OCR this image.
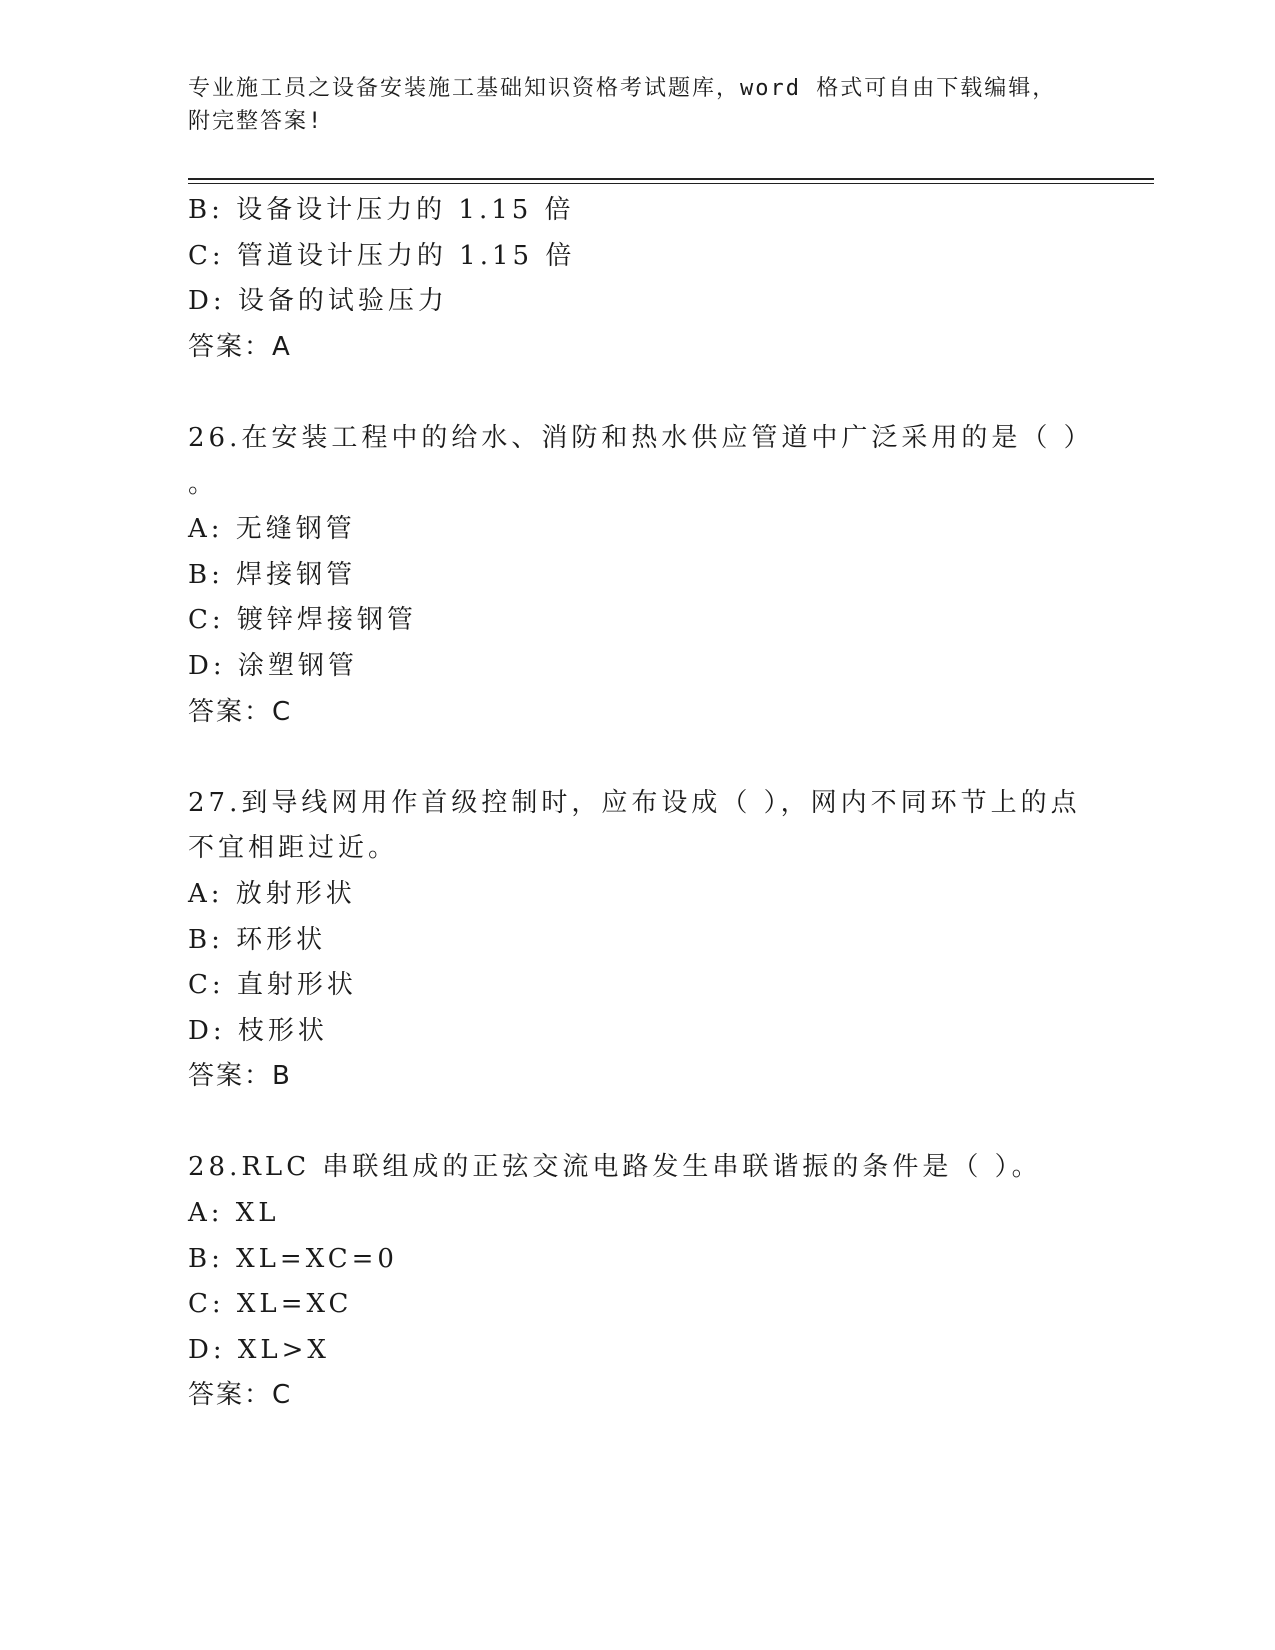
专业施工员之设备安装施工基础知识资格考试题库，word 格式可自由下载编辑，
附完整答案!
B: 设备设计压力的 1.15 倍
C: 管道设计压力的 1.15 倍
D: 设备的试验压力
答案：A
26.在安装工程中的给水、消防和热水供应管道中广泛采用的是（ ）
。
A: 无缝钢管
B: 焊接钢管
C: 镀锌焊接钢管
D: 涂塑钢管
答案：C
27.到导线网用作首级控制时，应布设成（ ），网内不同环节上的点
不宜相距过近。
A: 放射形状
B: 环形状
C: 直射形状
D: 枝形状
答案：B
28.RLC 串联组成的正弦交流电路发生串联谐振的条件是（ ）。
A: XL
B: XL=XC=0
C: XL=XC
D: XL>X
答案：C
